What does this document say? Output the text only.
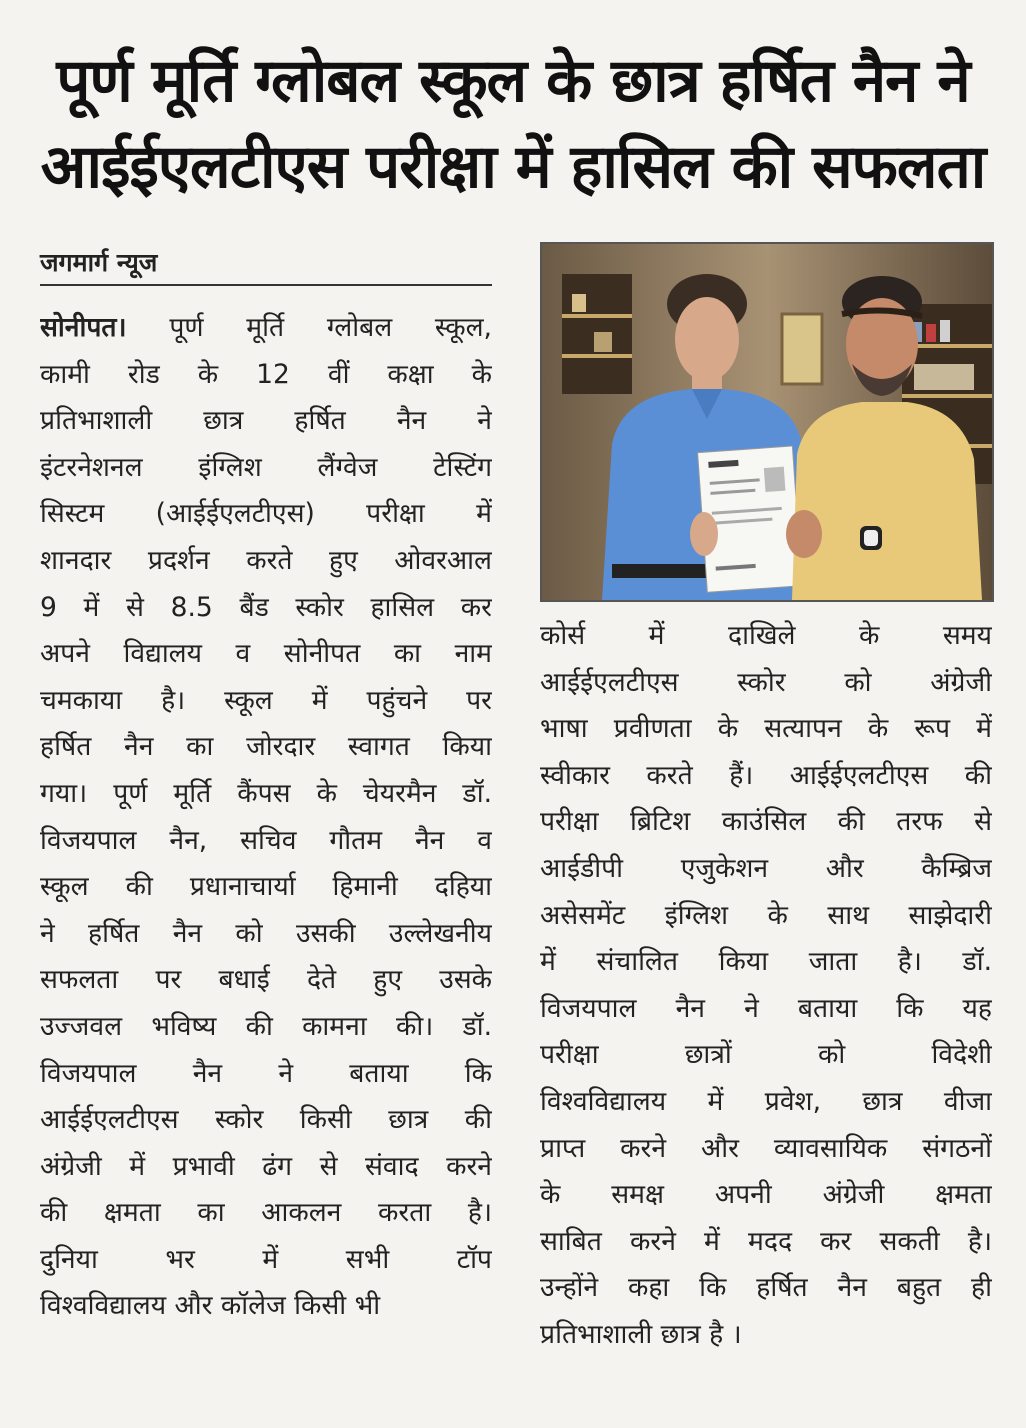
पूर्ण मूर्ति ग्लोबल स्कूल के छात्र हर्षित नैन ने
आईईएलटीएस परीक्षा में हासिल की सफलता
जगमार्ग न्यूज
सोनीपत। पूर्ण मूर्ति ग्लोबल स्कूल,
कामी रोड के 12 वीं कक्षा के
प्रतिभाशाली छात्र हर्षित नैन ने
इंटरनेशनल इंग्लिश लैंग्वेज टेस्टिंग
सिस्टम (आईईएलटीएस) परीक्षा में
शानदार प्रदर्शन करते हुए ओवरआल
9 में से 8.5 बैंड स्कोर हासिल कर
अपने विद्यालय व सोनीपत का नाम
चमकाया है। स्कूल में पहुंचने पर
हर्षित नैन का जोरदार स्वागत किया
गया। पूर्ण मूर्ति कैंपस के चेयरमैन डॉ.
विजयपाल नैन, सचिव गौतम नैन व
स्कूल की प्रधानाचार्या हिमानी दहिया
ने हर्षित नैन को उसकी उल्लेखनीय
सफलता पर बधाई देते हुए उसके
उज्जवल भविष्य की कामना की। डॉ.
विजयपाल नैन ने बताया कि
आईईएलटीएस स्कोर किसी छात्र की
अंग्रेजी में प्रभावी ढंग से संवाद करने
की क्षमता का आकलन करता है।
दुनिया भर में सभी टॉप
विश्वविद्यालय और कॉलेज किसी भी
कोर्स में दाखिले के समय
आईईएलटीएस स्कोर को अंग्रेजी
भाषा प्रवीणता के सत्यापन के रूप में
स्वीकार करते हैं। आईईएलटीएस की
परीक्षा ब्रिटिश काउंसिल की तरफ से
आईडीपी एजुकेशन और कैम्ब्रिज
असेसमेंट इंग्लिश के साथ साझेदारी
में संचालित किया जाता है। डॉ.
विजयपाल नैन ने बताया कि यह
परीक्षा छात्रों को विदेशी
विश्वविद्यालय में प्रवेश, छात्र वीजा
प्राप्त करने और व्यावसायिक संगठनों
के समक्ष अपनी अंग्रेजी क्षमता
साबित करने में मदद कर सकती है।
उन्होंने कहा कि हर्षित नैन बहुत ही
प्रतिभाशाली छात्र है ।
